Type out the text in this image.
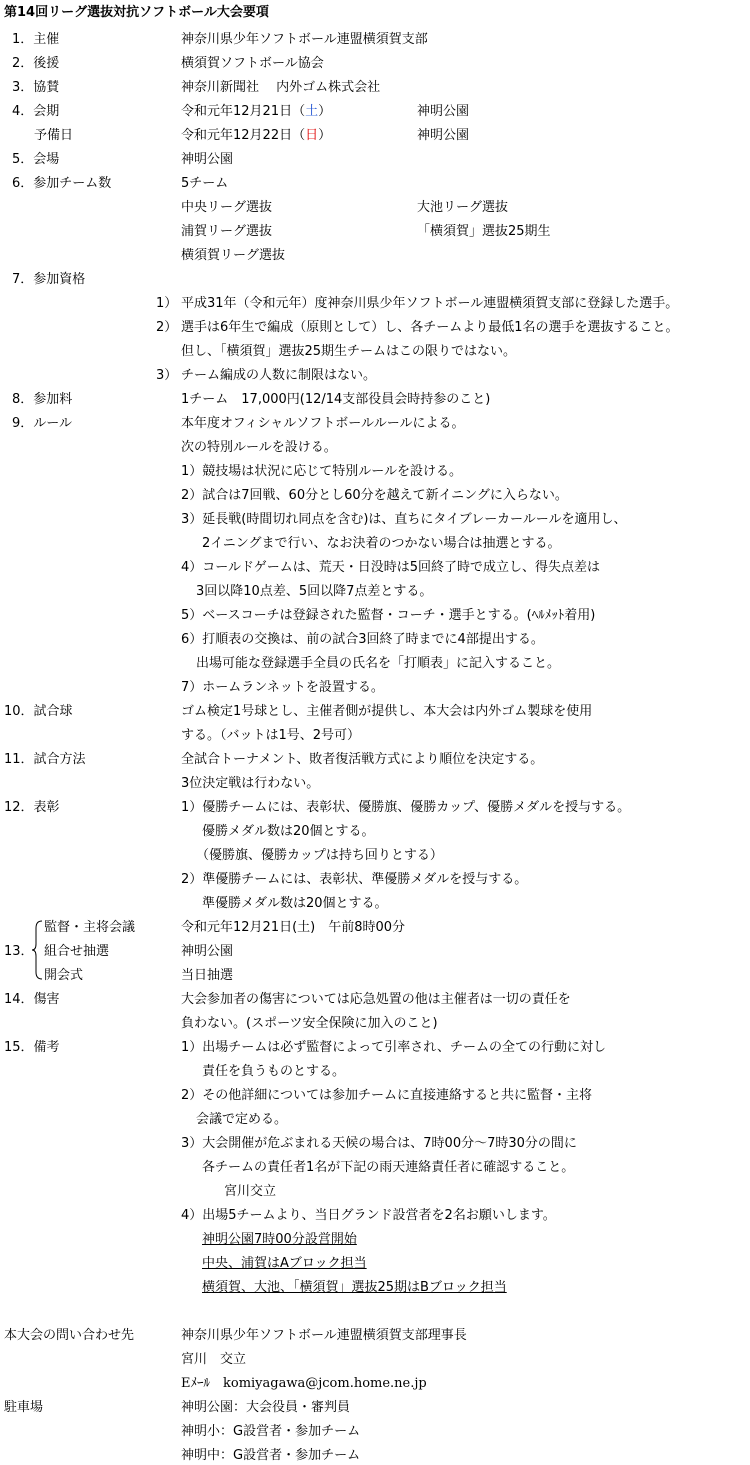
第14回リーグ選抜対抗ソフトボール大会要項
1．主催	神奈川県少年ソフトボール連盟横須賀支部
2．後援	横須賀ソフトボール協会
3．協賛	神奈川新聞社　 内外ゴム株式会社
4．会期	令和元年12月21日（土）	神明公園
予備日	令和元年12月22日（日）	神明公園
5．会場	神明公園
6．参加チーム数	5チーム
中央リーグ選抜	大池リーグ選抜
浦賀リーグ選抜	「横須賀」選抜25期生
横須賀リーグ選抜
7．参加資格
1） 平成31年（令和元年）度神奈川県少年ソフトボール連盟横須賀支部に登録した選手。
2） 選手は6年生で編成（原則として）し、各チームより最低1名の選手を選抜すること。
但し、「横須賀」選抜25期生チームはこの限りではない。
3） チーム編成の人数に制限はない。
8．参加料	1チーム　17,000円(12/14支部役員会時持参のこと)
9．ルール	本年度オフィシャルソフトボールルールによる。
次の特別ルールを設ける。
1）競技場は状況に応じて特別ルールを設ける。
2）試合は7回戦、60分とし60分を越えて新イニングに入らない。
3）延長戦(時間切れ同点を含む)は、直ちにタイブレーカールールを適用し、
2イニングまで行い、なお決着のつかない場合は抽選とする。
4）コールドゲームは、荒天・日没時は5回終了時で成立し、得失点差は
3回以降10点差、5回以降7点差とする。
5）ベースコーチは登録された監督・コーチ・選手とする。(ﾍﾙﾒｯﾄ着用)
6）打順表の交換は、前の試合3回終了時までに4部提出する。
出場可能な登録選手全員の氏名を「打順表」に記入すること。
7）ホームランネットを設置する。
10．試合球	ゴム検定1号球とし、主催者側が提供し、本大会は内外ゴム製球を使用
する。（バットは1号、2号可）
11．試合方法	全試合トーナメント、敗者復活戦方式により順位を決定する。
3位決定戦は行わない。
12．表彰	1）優勝チームには、表彰状、優勝旗、優勝カップ、優勝メダルを授与する。
優勝メダル数は20個とする。
（優勝旗、優勝カップは持ち回りとする）
2）準優勝チームには、表彰状、準優勝メダルを授与する。
準優勝メダル数は20個とする。
13．
監督・主将会議	令和元年12月21日(土)　午前8時00分
組合せ抽選	神明公園
開会式	当日抽選
14．傷害	大会参加者の傷害については応急処置の他は主催者は一切の責任を
負わない。(スポーツ安全保険に加入のこと)
15．備考	1）出場チームは必ず監督によって引率され、チームの全ての行動に対し
責任を負うものとする。
2）その他詳細については参加チームに直接連絡すると共に監督・主将
会議で定める。
3）大会開催が危ぶまれる天候の場合は、7時00分～7時30分の間に
各チームの責任者1名が下記の雨天連絡責任者に確認すること。
宮川交立
4）出場5チームより、当日グランド設営者を2名お願いします。
神明公園7時00分設営開始
中央、浦賀はAブロック担当
横須賀、大池、「横須賀」選抜25期はBブロック担当
本大会の問い合わせ先	神奈川県少年ソフトボール連盟横須賀支部理事長
宮川　交立
Eﾒｰﾙ　komiyagawa@jcom.home.ne.jp
駐車場	神明公園：大会役員・審判員
神明小：G設営者・参加チーム
神明中：G設営者・参加チーム
